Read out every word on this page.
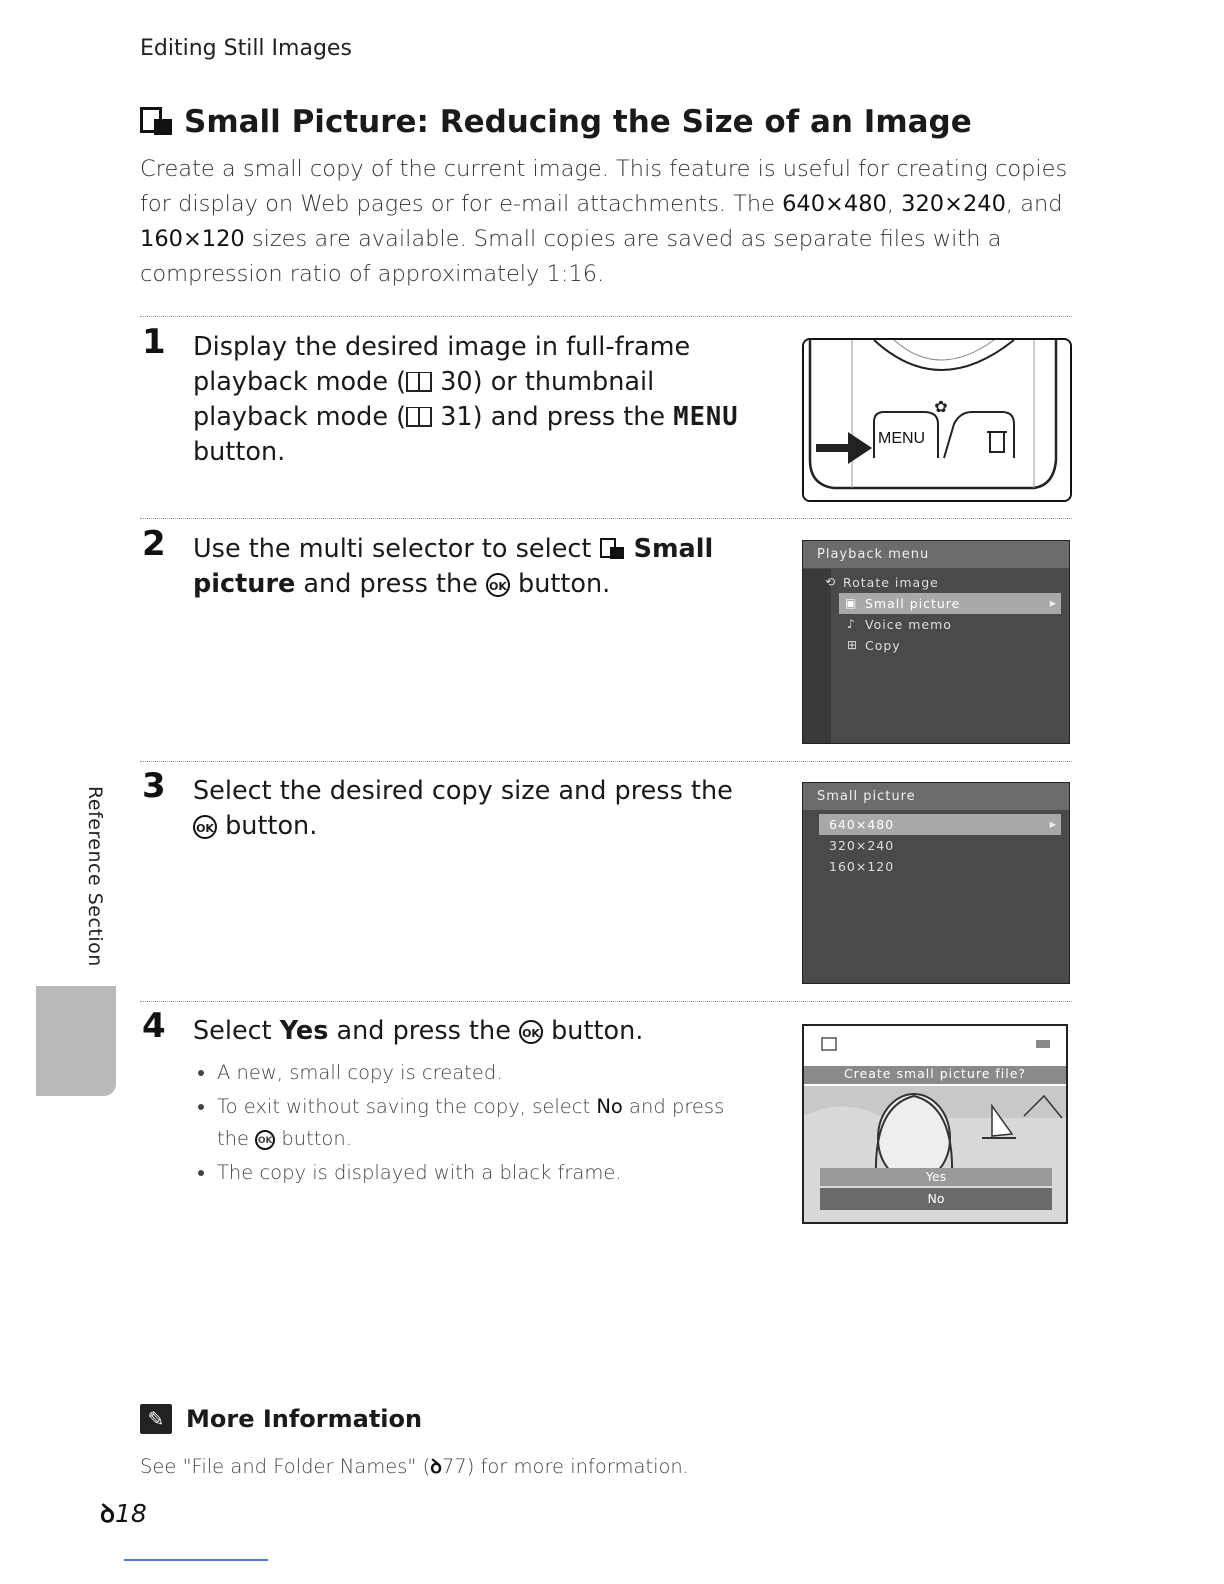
Editing Still Images
Small Picture: Reducing the Size of an Image
Create a small copy of the current image. This feature is useful for creating copies for display on Web pages or for e-mail attachments. The 640×480, 320×240, and 160×120 sizes are available. Small copies are saved as separate files with a compression ratio of approximately 1:16.
1 Display the desired image in full-frame playback mode ( 30) or thumbnail playback mode ( 31) and press the MENU button.
✿
MENU
2 Use the multi selector to select
Small picture and press the OK button.
Playback menu
⟲ Rotate image
▣ Small picture ▸
♪ Voice memo
⊞ Copy
3 Select the desired copy size and press the OK button.
Small picture
640×480 ▸
320×240
160×120
4 Select Yes and press the OK button.
• A new, small copy is created.
• To exit without saving the copy, select No and press the OK button.
• The copy is displayed with a black frame.
Create small picture file?
Yes
No
Reference Section
✎ More Information
See "File and Folder Names" (ꝺ77) for more information.
ꝺ18
